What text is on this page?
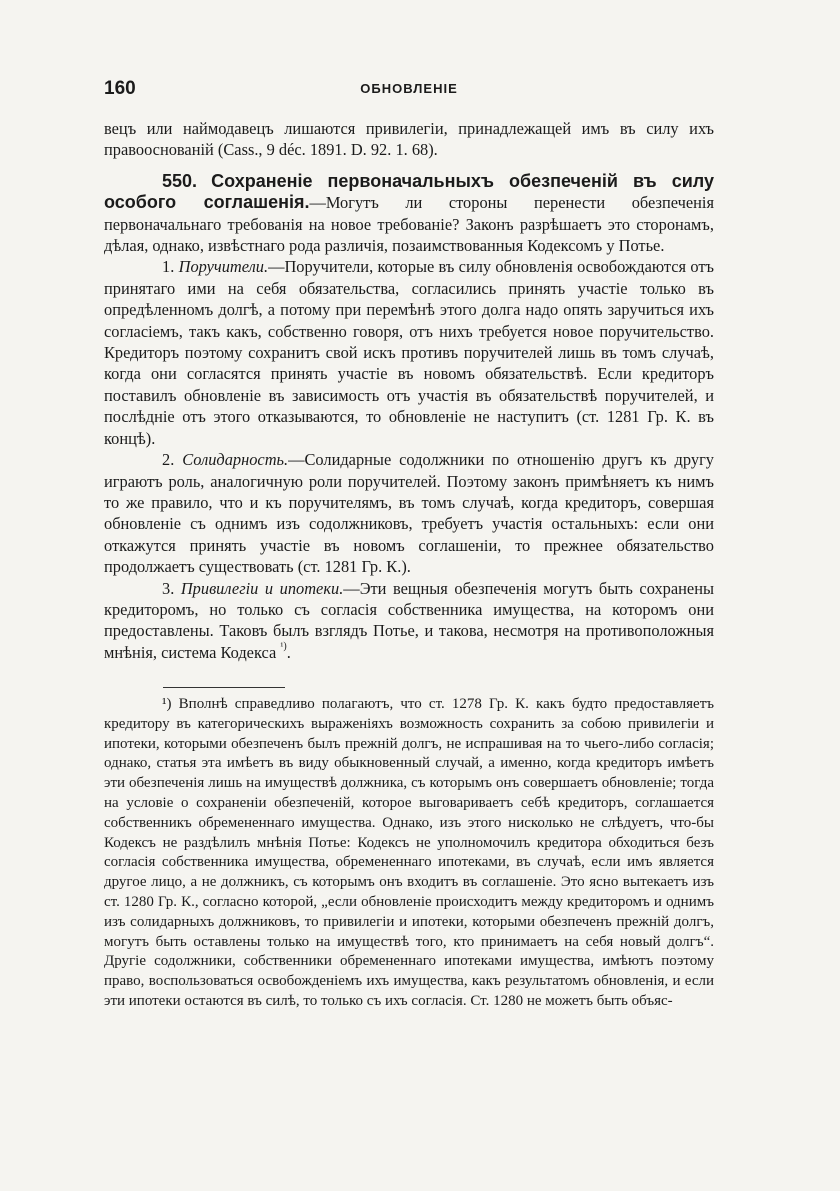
160	ОБНОВЛЕНІЕ

вецъ или наймодавецъ лишаются привилегіи, принадлежащей имъ въ силу ихъ правооснованій (Cass., 9 déc. 1891. D. 92. 1. 68).

550. Сохраненіе первоначальныхъ обезпеченій въ силу особого соглашенія.—Могутъ ли стороны перенести обезпеченія первоначальнаго требованія на новое требованіе? Законъ разрѣшаетъ это сторонамъ, дѣлая, однако, извѣстнаго рода различія, позаимствованныя Кодексомъ у Потье.

1. Поручители.—Поручители, которые въ силу обновленія освобождаются отъ принятаго ими на себя обязательства, согласились принять участіе только въ опредѣленномъ долгѣ, а потому при перемѣнѣ этого долга надо опять заручиться ихъ согласіемъ, такъ какъ, собственно говоря, отъ нихъ требуется новое поручительство. Кредиторъ поэтому сохранитъ свой искъ противъ поручителей лишь въ томъ случаѣ, когда они согласятся принять участіе въ новомъ обязательствѣ. Если кредиторъ поставилъ обновленіе въ зависимость отъ участія въ обязательствѣ поручителей, и послѣдніе отъ этого отказываются, то обновленіе не наступитъ (ст. 1281 Гр. К. въ концѣ).

2. Солидарность.—Солидарные содолжники по отношенію другъ къ другу играютъ роль, аналогичную роли поручителей. Поэтому законъ примѣняетъ къ нимъ то же правило, что и къ поручителямъ, въ томъ случаѣ, когда кредиторъ, совершая обновленіе съ однимъ изъ содолжниковъ, требуетъ участія остальныхъ: если они откажутся принять участіе въ новомъ соглашеніи, то прежнее обязательство продолжаетъ существовать (ст. 1281 Гр. К.).

3. Привилегіи и ипотеки.—Эти вещныя обезпеченія могутъ быть сохранены кредиторомъ, но только съ согласія собственника имущества, на которомъ они предоставлены. Таковъ былъ взглядъ Потье, и такова, несмотря на противоположныя мнѣнія, система Кодекса $^{^1)}$.

¹) Вполнѣ справедливо полагаютъ, что ст. 1278 Гр. К. какъ будто предоставляетъ кредитору въ категорическихъ выраженіяхъ возможность сохранить за собою привилегіи и ипотеки, которыми обезпеченъ былъ прежній долгъ, не испрашивая на то чьего-либо согласія; однако, статья эта имѣетъ въ виду обыкновенный случай, а именно, когда кредиторъ имѣетъ эти обезпеченія лишь на имуществѣ должника, съ которымъ онъ совершаетъ обновленіе; тогда на условіе о сохраненіи обезпеченій, которое выговариваетъ себѣ кредиторъ, соглашается собственникъ обремененнаго имущества. Однако, изъ этого нисколько не слѣдуетъ, что-бы Кодексъ не раздѣлилъ мнѣнія Потье: Кодексъ не уполномочилъ кредитора обходиться безъ согласія собственника имущества, обремененнаго ипотеками, въ случаѣ, если имъ является другое лицо, а не должникъ, съ которымъ онъ входитъ въ соглашеніе. Это ясно вытекаетъ изъ ст. 1280 Гр. К., согласно которой, „если обновленіе происходитъ между кредиторомъ и однимъ изъ солидарныхъ должниковъ, то привилегіи и ипотеки, которыми обезпеченъ прежній долгъ, могутъ быть оставлены только на имуществѣ того, кто принимаетъ на себя новый долгъ“. Другіе содолжники, собственники обремененнаго ипотеками имущества, имѣютъ поэтому право, воспользоваться освобожденіемъ ихъ имущества, какъ результатомъ обновленія, и если эти ипотеки остаются въ силѣ, то только съ ихъ согласія. Ст. 1280 не можетъ быть объяс-
